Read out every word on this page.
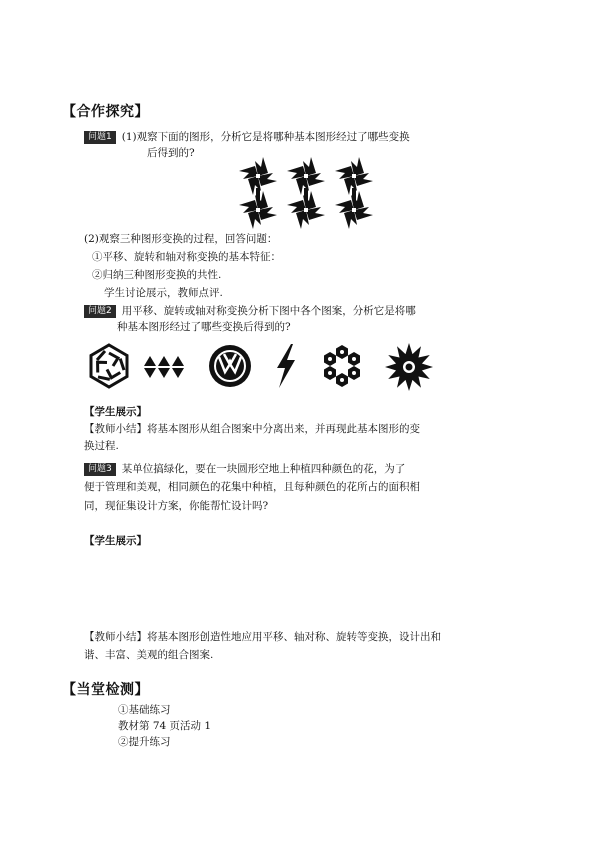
【合作探究】
问题1 (1)观察下面的图形，分析它是将哪种基本图形经过了哪些变换
后得到的?
(2)观察三种图形变换的过程，回答问题：
①平移、旋转和轴对称变换的基本特征：
②归纳三种图形变换的共性.
学生讨论展示，教师点评.
问题2 用平移、旋转或轴对称变换分析下图中各个图案，分析它是将哪
种基本图形经过了哪些变换后得到的?
【学生展示】
【教师小结】将基本图形从组合图案中分离出来，并再现此基本图形的变
换过程.
问题3 某单位搞绿化，要在一块圆形空地上种植四种颜色的花，为了
便于管理和美观，相同颜色的花集中种植，且每种颜色的花所占的面积相
同，现征集设计方案，你能帮忙设计吗?
【学生展示】
【教师小结】将基本图形创造性地应用平移、轴对称、旋转等变换，设计出和
谐、丰富、美观的组合图案.
【当堂检测】
①基础练习
教材第 74 页活动 1
②提升练习
